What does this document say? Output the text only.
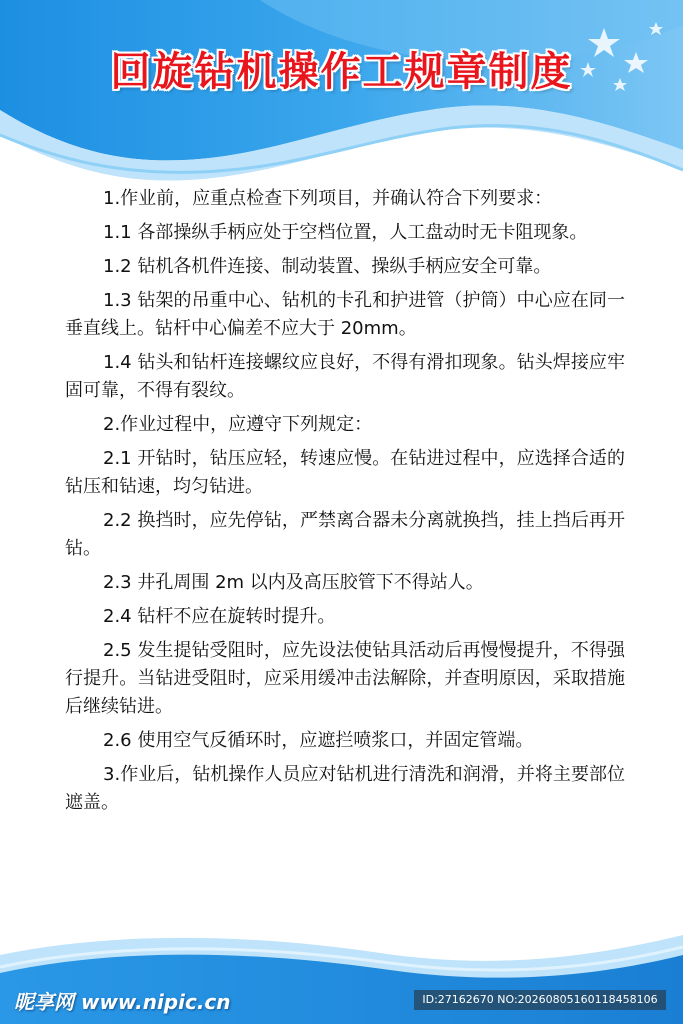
回旋钻机操作工规章制度

1.作业前，应重点检查下列项目，并确认符合下列要求：

1.1 各部操纵手柄应处于空档位置，人工盘动时无卡阻现象。

1.2 钻机各机件连接、制动装置、操纵手柄应安全可靠。

1.3 钻架的吊重中心、钻机的卡孔和护进管（护筒）中心应在同一垂直线上。钻杆中心偏差不应大于 20mm。

1.4 钻头和钻杆连接螺纹应良好，不得有滑扣现象。钻头焊接应牢固可靠，不得有裂纹。

2.作业过程中，应遵守下列规定：

2.1 开钻时，钻压应轻，转速应慢。在钻进过程中，应选择合适的钻压和钻速，均匀钻进。

2.2 换挡时，应先停钻，严禁离合器未分离就换挡，挂上挡后再开钻。

2.3 井孔周围 2m 以内及高压胶管下不得站人。

2.4 钻杆不应在旋转时提升。

2.5 发生提钻受阻时，应先设法使钻具活动后再慢慢提升，不得强行提升。当钻进受阻时，应采用缓冲击法解除，并查明原因，采取措施后继续钻进。

2.6 使用空气反循环时，应遮拦喷浆口，并固定管端。

3.作业后，钻机操作人员应对钻机进行清洗和润滑，并将主要部位遮盖。

昵享网 www.nipic.cn	ID:27162670 NO:20260805160118458106
